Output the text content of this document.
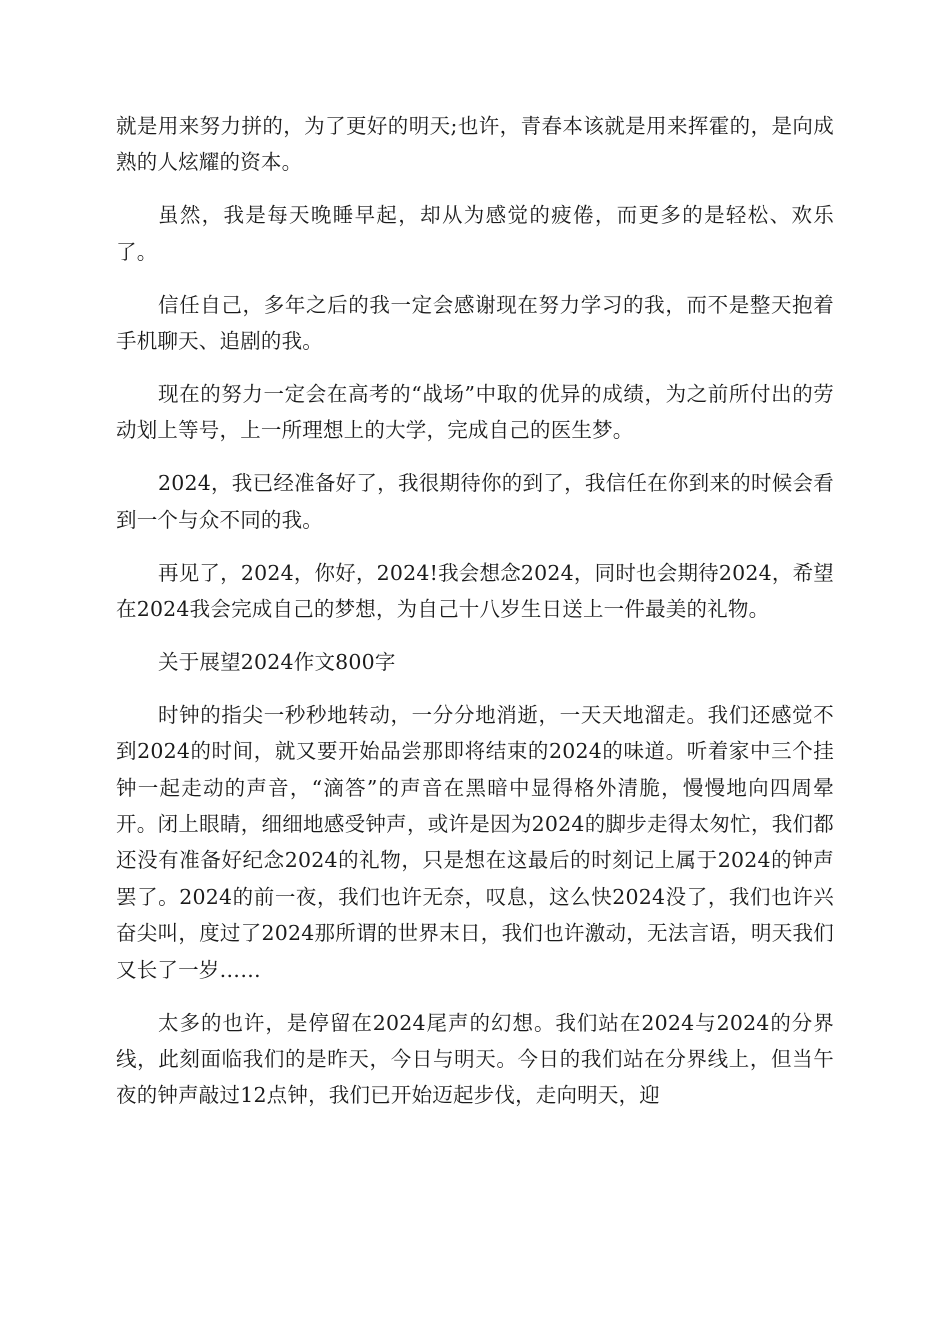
就是用来努力拼的，为了更好的明天;也许，青春本该就是用来挥霍的，是向成熟的人炫耀的资本。

虽然，我是每天晚睡早起，却从为感觉的疲倦，而更多的是轻松、欢乐了。

信任自己，多年之后的我一定会感谢现在努力学习的我，而不是整天抱着手机聊天、追剧的我。

现在的努力一定会在高考的“战场”中取的优异的成绩，为之前所付出的劳动划上等号，上一所理想上的大学，完成自己的医生梦。

2024，我已经准备好了，我很期待你的到了，我信任在你到来的时候会看到一个与众不同的我。

再见了，2024，你好，2024!我会想念2024，同时也会期待2024，希望在2024我会完成自己的梦想，为自己十八岁生日送上一件最美的礼物。

关于展望2024作文800字

时钟的指尖一秒秒地转动，一分分地消逝，一天天地溜走。我们还感觉不到2024的时间，就又要开始品尝那即将结束的2024的味道。听着家中三个挂钟一起走动的声音，“滴答”的声音在黑暗中显得格外清脆，慢慢地向四周晕开。闭上眼睛，细细地感受钟声，或许是因为2024的脚步走得太匆忙，我们都还没有准备好纪念2024的礼物，只是想在这最后的时刻记上属于2024的钟声罢了。2024的前一夜，我们也许无奈，叹息，这么快2024没了，我们也许兴奋尖叫，度过了2024那所谓的世界末日，我们也许激动，无法言语，明天我们又长了一岁……

太多的也许，是停留在2024尾声的幻想。我们站在2024与2024的分界线，此刻面临我们的是昨天，今日与明天。今日的我们站在分界线上，但当午夜的钟声敲过12点钟，我们已开始迈起步伐，走向明天，迎
